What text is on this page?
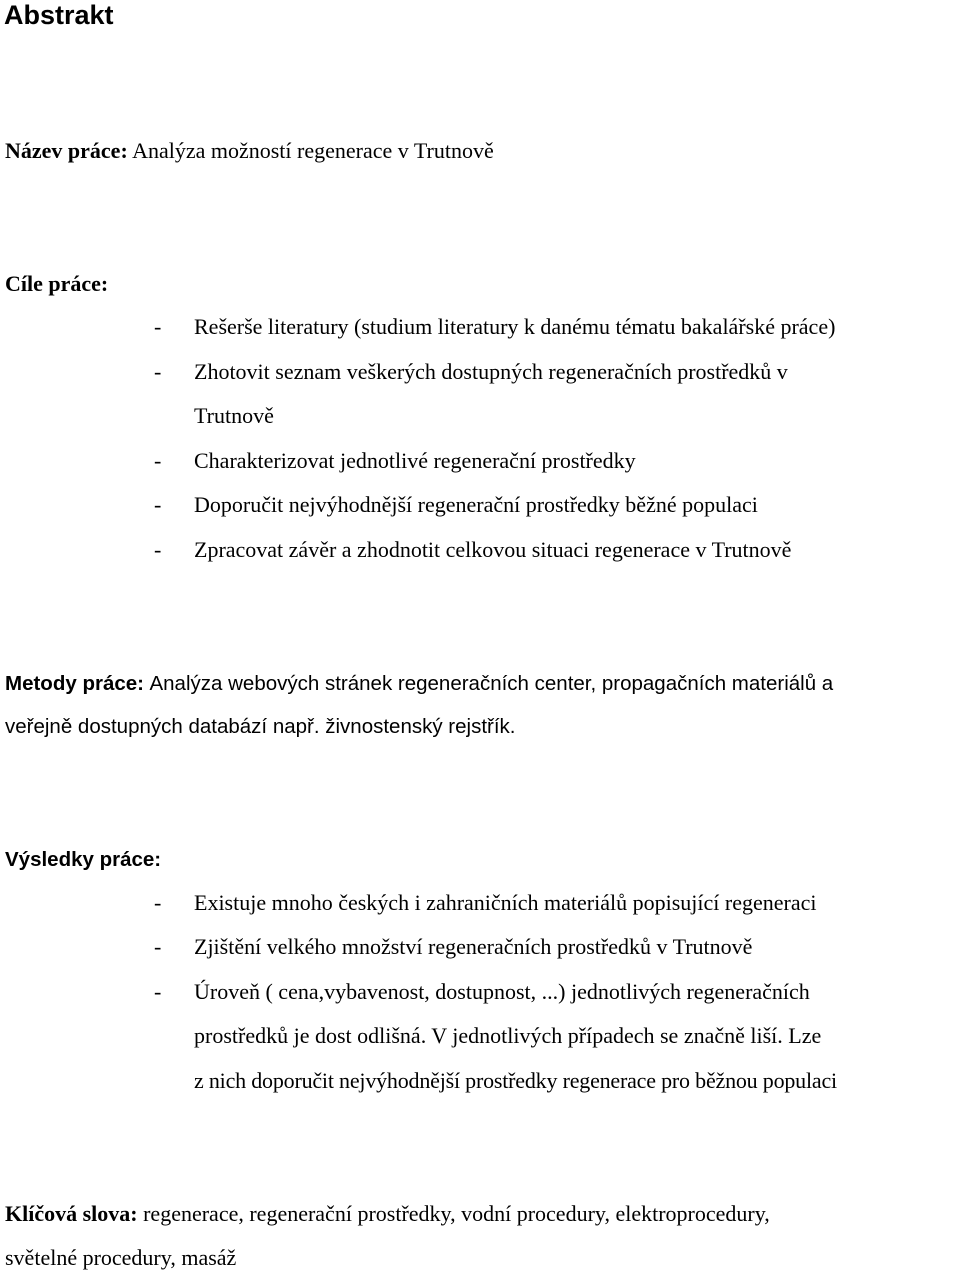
Abstrakt
Název práce: Analýza možností regenerace v Trutnově
Cíle práce:
- Rešerše literatury (studium literatury k danému tématu bakalářské práce)
- Zhotovit seznam veškerých dostupných regeneračních prostředků v
Trutnově
- Charakterizovat jednotlivé regenerační prostředky
- Doporučit nejvýhodnější regenerační prostředky běžné populaci
- Zpracovat závěr a zhodnotit celkovou situaci regenerace v Trutnově
Metody práce: Analýza webových stránek regeneračních center, propagačních materiálů a
veřejně dostupných databází např. živnostenský rejstřík.
Výsledky práce:
- Existuje mnoho českých i zahraničních materiálů popisující regeneraci
- Zjištění velkého množství regeneračních prostředků v Trutnově
- Úroveň ( cena,vybavenost, dostupnost, ...) jednotlivých regeneračních
prostředků je dost odlišná. V jednotlivých případech se značně liší. Lze
z nich doporučit nejvýhodnější prostředky regenerace pro běžnou populaci
Klíčová slova: regenerace, regenerační prostředky, vodní procedury, elektroprocedury,
světelné procedury, masáž
